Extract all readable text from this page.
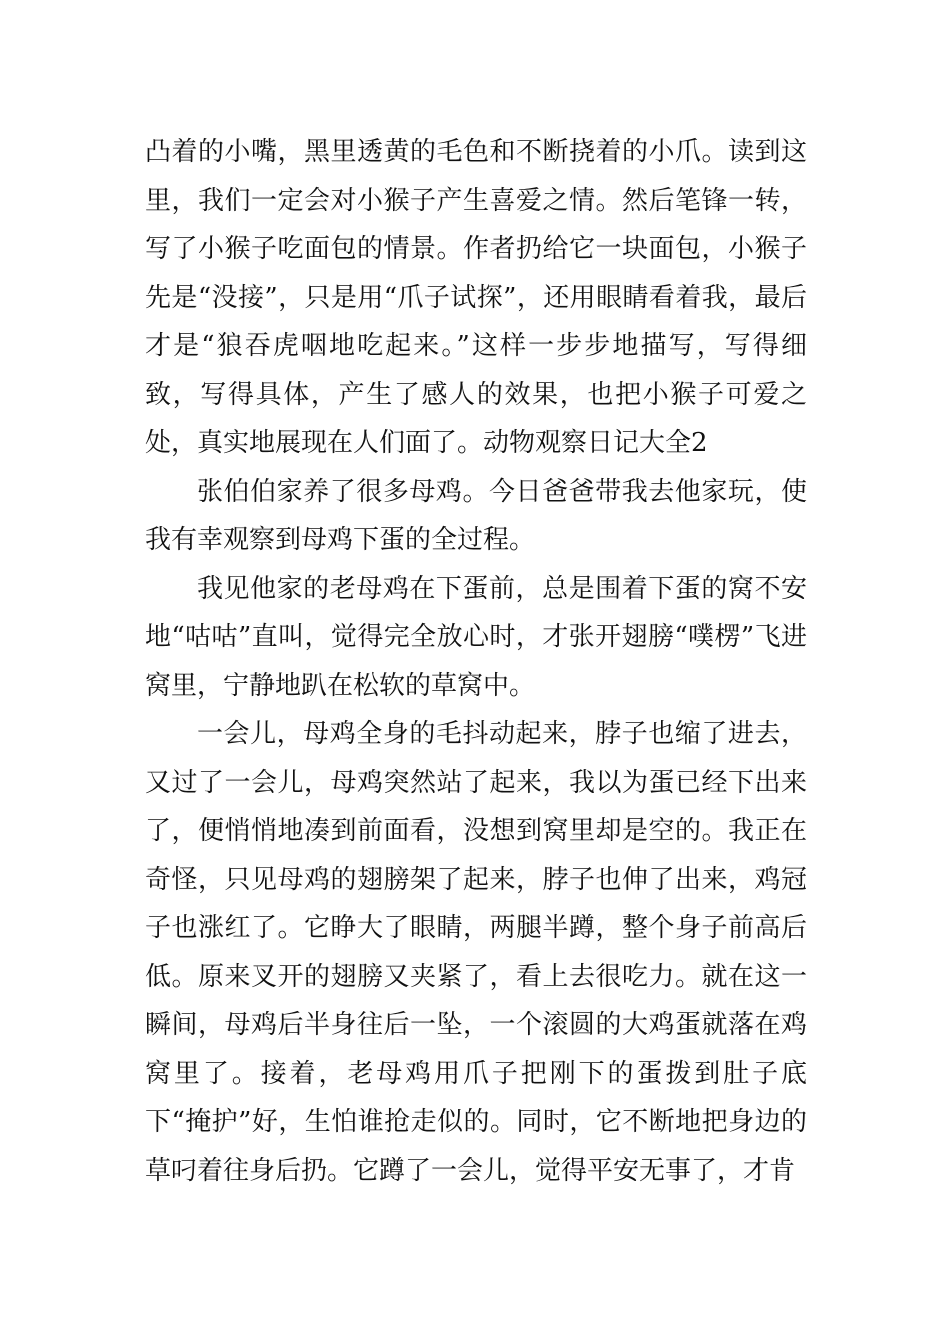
凸着的小嘴，黑里透黄的毛色和不断挠着的小爪。读到这里，我们一定会对小猴子产生喜爱之情。然后笔锋一转，写了小猴子吃面包的情景。作者扔给它一块面包，小猴子先是“没接”，只是用“爪子试探”，还用眼睛看着我，最后才是“狼吞虎咽地吃起来。”这样一步步地描写，写得细致，写得具体，产生了感人的效果，也把小猴子可爱之处，真实地展现在人们面了。动物观察日记大全2

张伯伯家养了很多母鸡。今日爸爸带我去他家玩，使我有幸观察到母鸡下蛋的全过程。

我见他家的老母鸡在下蛋前，总是围着下蛋的窝不安地“咕咕”直叫，觉得完全放心时，才张开翅膀“噗楞”飞进窝里，宁静地趴在松软的草窝中。

一会儿，母鸡全身的毛抖动起来，脖子也缩了进去，又过了一会儿，母鸡突然站了起来，我以为蛋已经下出来了，便悄悄地凑到前面看，没想到窝里却是空的。我正在奇怪，只见母鸡的翅膀架了起来，脖子也伸了出来，鸡冠子也涨红了。它睁大了眼睛，两腿半蹲，整个身子前高后低。原来叉开的翅膀又夹紧了，看上去很吃力。就在这一瞬间，母鸡后半身往后一坠，一个滚圆的大鸡蛋就落在鸡窝里了。接着，老母鸡用爪子把刚下的蛋拨到肚子底下“掩护”好，生怕谁抢走似的。同时，它不断地把身边的草叼着往身后扔。它蹲了一会儿，觉得平安无事了，才肯
